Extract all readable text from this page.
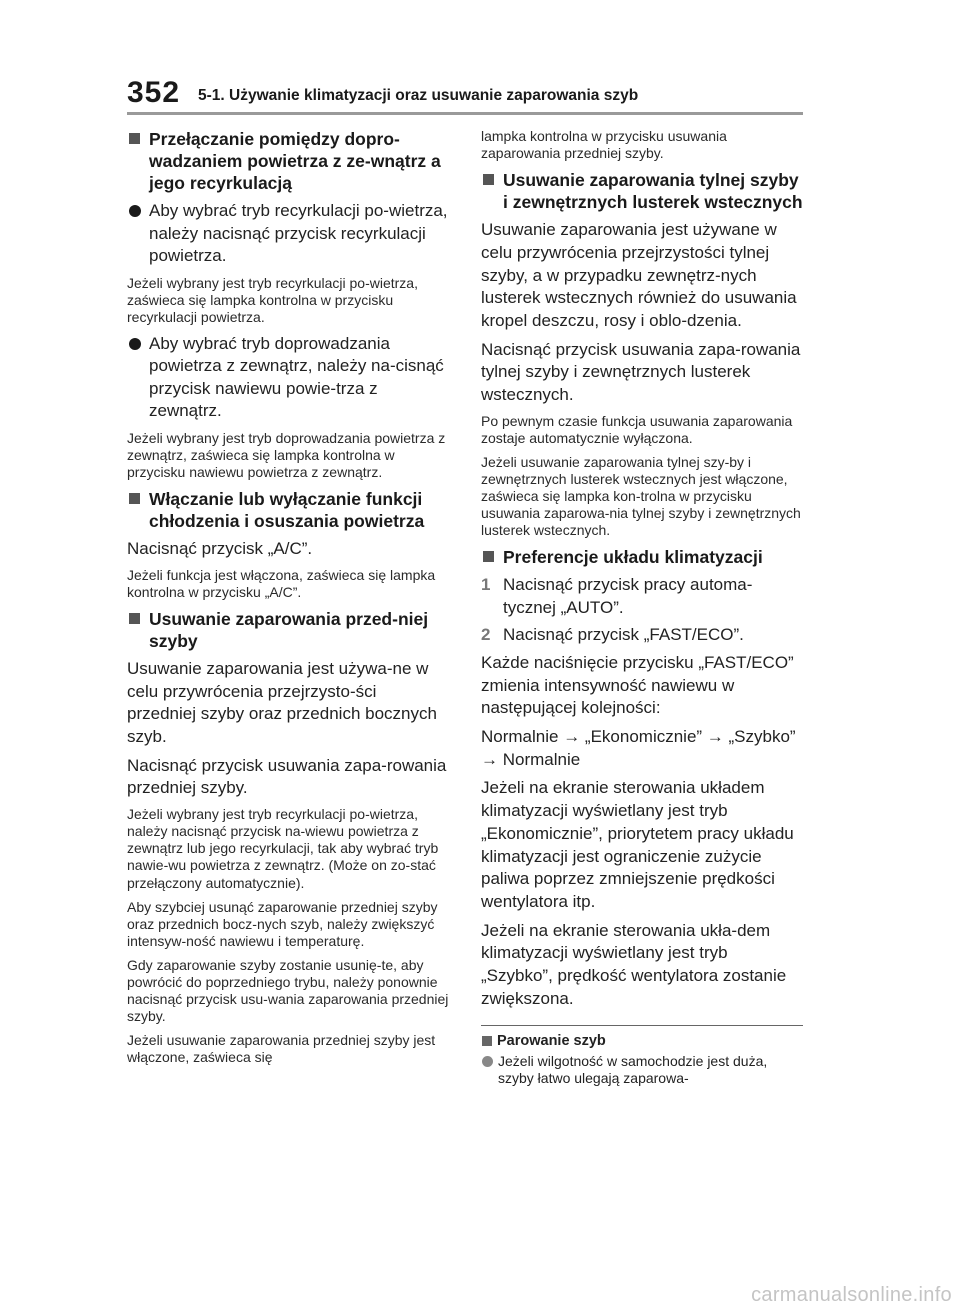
352 5-1. Używanie klimatyzacji oraz usuwanie zaparowania szyb
Przełączanie pomiędzy dopro-wadzaniem powietrza z ze-wnątrz a jego recyrkulacją
Aby wybrać tryb recyrkulacji po-wietrza, należy nacisnąć przycisk recyrkulacji powietrza.
Jeżeli wybrany jest tryb recyrkulacji po-wietrza, zaświeca się lampka kontrolna w przycisku recyrkulacji powietrza.
Aby wybrać tryb doprowadzania powietrza z zewnątrz, należy na-cisnąć przycisk nawiewu powie-trza z zewnątrz.
Jeżeli wybrany jest tryb doprowadzania powietrza z zewnątrz, zaświeca się lampka kontrolna w przycisku nawiewu powietrza z zewnątrz.
Włączanie lub wyłączanie funkcji chłodzenia i osuszania powietrza
Nacisnąć przycisk „A/C”.
Jeżeli funkcja jest włączona, zaświeca się lampka kontrolna w przycisku „A/C”.
Usuwanie zaparowania przed-niej szyby
Usuwanie zaparowania jest używa-ne w celu przywrócenia przejrzysto-ści przedniej szyby oraz przednich bocznych szyb.
Nacisnąć przycisk usuwania zapa-rowania przedniej szyby.
Jeżeli wybrany jest tryb recyrkulacji po-wietrza, należy nacisnąć przycisk na-wiewu powietrza z zewnątrz lub jego recyrkulacji, tak aby wybrać tryb nawie-wu powietrza z zewnątrz. (Może on zo-stać przełączony automatycznie).
Aby szybciej usunąć zaparowanie przedniej szyby oraz przednich bocz-nych szyb, należy zwiększyć intensyw-ność nawiewu i temperaturę.
Gdy zaparowanie szyby zostanie usunię-te, aby powrócić do poprzedniego trybu, należy ponownie nacisnąć przycisk usu-wania zaparowania przedniej szyby.
Jeżeli usuwanie zaparowania przedniej szyby jest włączone, zaświeca się
lampka kontrolna w przycisku usuwania zaparowania przedniej szyby.
Usuwanie zaparowania tylnej szyby i zewnętrznych lusterek wstecznych
Usuwanie zaparowania jest używane w celu przywrócenia przejrzystości tylnej szyby, a w przypadku zewnętrz-nych lusterek wstecznych również do usuwania kropel deszczu, rosy i oblo-dzenia.
Nacisnąć przycisk usuwania zapa-rowania tylnej szyby i zewnętrznych lusterek wstecznych.
Po pewnym czasie funkcja usuwania zaparowania zostaje automatycznie wyłączona.
Jeżeli usuwanie zaparowania tylnej szy-by i zewnętrznych lusterek wstecznych jest włączone, zaświeca się lampka kon-trolna w przycisku usuwania zaparowa-nia tylnej szyby i zewnętrznych lusterek wstecznych.
Preferencje układu klimatyzacji
1 Nacisnąć przycisk pracy automa-tycznej „AUTO”.
2 Nacisnąć przycisk „FAST/ECO”.
Każde naciśnięcie przycisku „FAST/ECO” zmienia intensywność nawiewu w następującej kolejności:
Normalnie → „Ekonomicznie” → „Szybko” → Normalnie
Jeżeli na ekranie sterowania układem klimatyzacji wyświetlany jest tryb „Ekonomicznie”, priorytetem pracy układu klimatyzacji jest ograniczenie zużycie paliwa poprzez zmniejszenie prędkości wentylatora itp.
Jeżeli na ekranie sterowania ukła-dem klimatyzacji wyświetlany jest tryb „Szybko”, prędkość wentylatora zostanie zwiększona.
Parowanie szyb
Jeżeli wilgotność w samochodzie jest duża, szyby łatwo ulegają zaparowa-
carmanualsonline.info
